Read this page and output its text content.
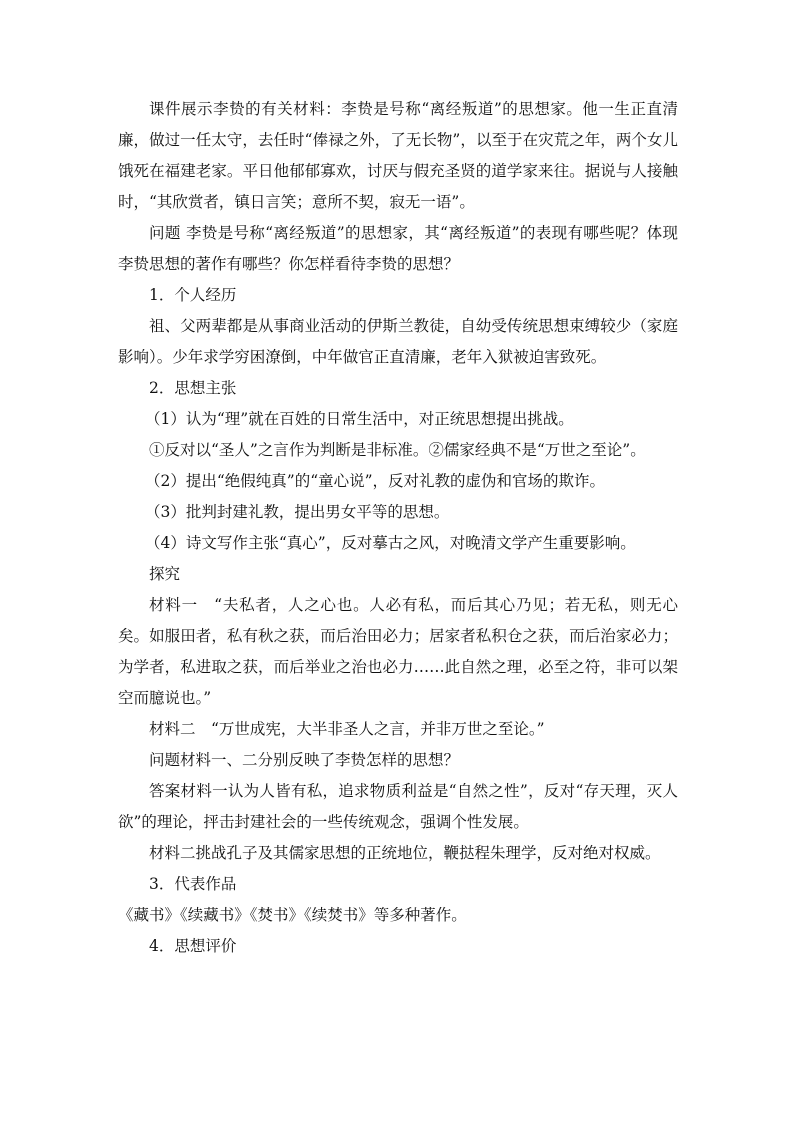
课件展示李贽的有关材料：李贽是号称“离经叛道”的思想家。他一生正直清廉，做过一任太守，去任时“俸禄之外，了无长物”，以至于在灾荒之年，两个女儿饿死在福建老家。平日他郁郁寡欢，讨厌与假充圣贤的道学家来往。据说与人接触时，“其欣赏者，镇日言笑；意所不契，寂无一语”。

问题 李贽是号称“离经叛道”的思想家，其“离经叛道”的表现有哪些呢？体现李贽思想的著作有哪些？你怎样看待李贽的思想？

1．个人经历

祖、父两辈都是从事商业活动的伊斯兰教徒，自幼受传统思想束缚较少（家庭影响）。少年求学穷困潦倒，中年做官正直清廉，老年入狱被迫害致死。

2．思想主张

（1）认为“理”就在百姓的日常生活中，对正统思想提出挑战。

①反对以“圣人”之言作为判断是非标准。②儒家经典不是“万世之至论”。

（2）提出“绝假纯真”的“童心说”，反对礼教的虚伪和官场的欺诈。

（3）批判封建礼教，提出男女平等的思想。

（4）诗文写作主张“真心”，反对摹古之风，对晚清文学产生重要影响。

探究

材料一　“夫私者，人之心也。人必有私，而后其心乃见；若无私，则无心矣。如服田者，私有秋之获，而后治田必力；居家者私积仓之获，而后治家必力；为学者，私进取之获，而后举业之治也必力……此自然之理，必至之符，非可以架空而臆说也。”

材料二　“万世成宪，大半非圣人之言，并非万世之至论。”

问题材料一、二分别反映了李贽怎样的思想？

答案材料一认为人皆有私，追求物质利益是“自然之性”，反对“存天理，灭人欲”的理论，抨击封建社会的一些传统观念，强调个性发展。

材料二挑战孔子及其儒家思想的正统地位，鞭挞程朱理学，反对绝对权威。

3．代表作品

《藏书》《续藏书》《焚书》《续焚书》等多种著作。

4．思想评价
